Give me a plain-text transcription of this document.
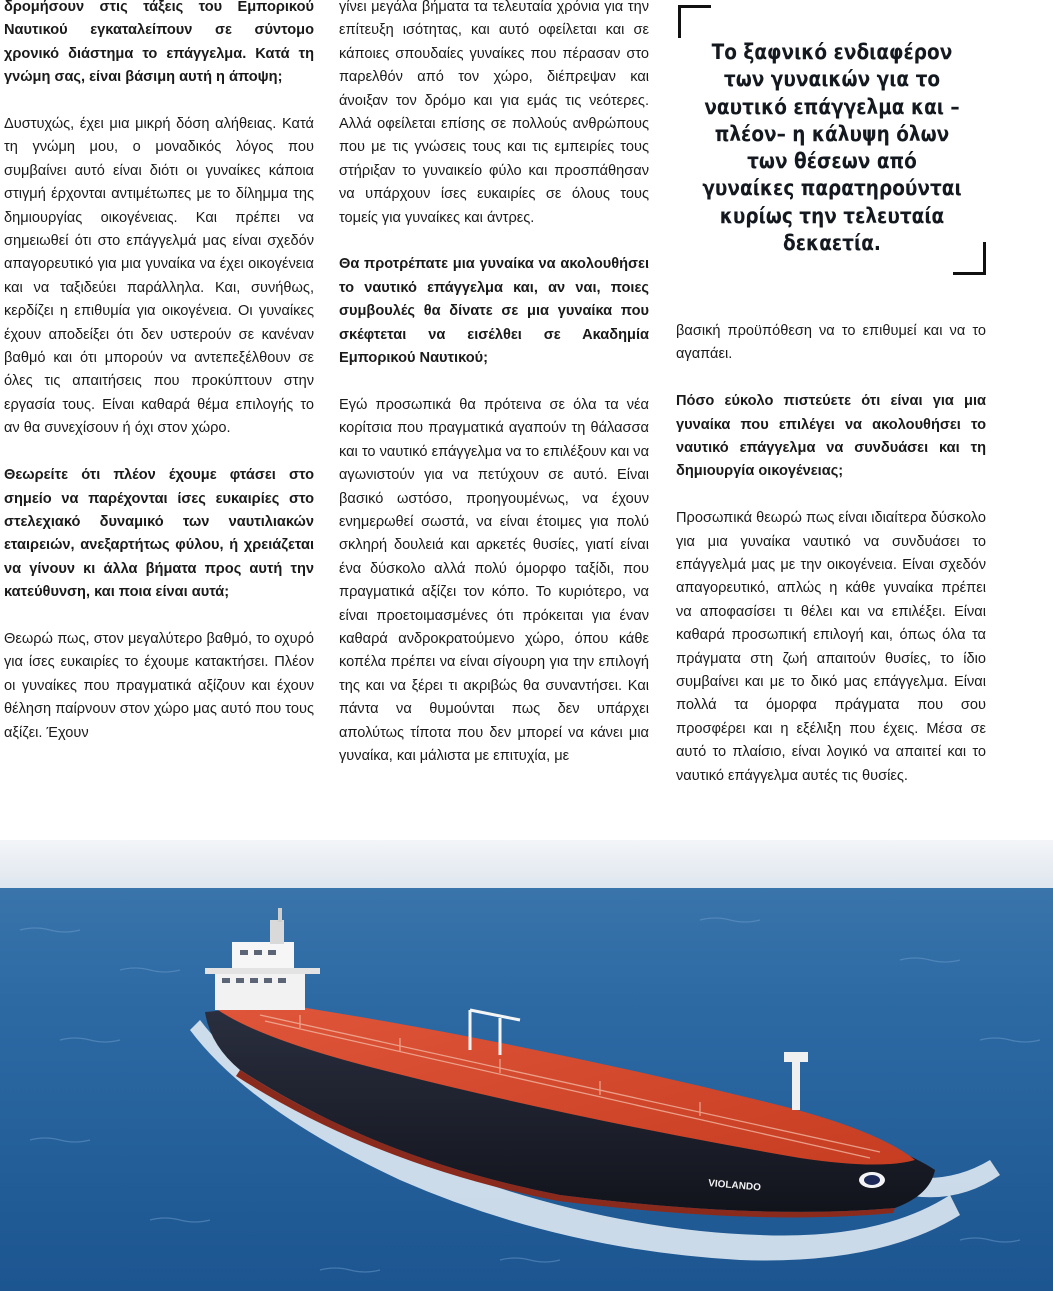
δρομήσουν στις τάξεις του Εμπορικού Ναυτικού εγκαταλείπουν σε σύντομο χρονικό διάστημα το επάγγελμα. Κατά τη γνώμη σας, είναι βάσιμη αυτή η άποψη;

Δυστυχώς, έχει μια μικρή δόση αλήθειας. Κατά τη γνώμη μου, ο μοναδικός λόγος που συμβαίνει αυτό είναι διότι οι γυναίκες κάποια στιγμή έρχονται αντιμέτωπες με το δίλημμα της δημιουργίας οικογένειας. Και πρέπει να σημειωθεί ότι στο επάγγελμά μας είναι σχεδόν απαγορευτικό για μια γυναίκα να έχει οικογένεια και να ταξιδεύει παράλληλα. Και, συνήθως, κερδίζει η επιθυμία για οικογένεια. Οι γυναίκες έχουν αποδείξει ότι δεν υστερούν σε κανέναν βαθμό και ότι μπορούν να αντεπεξέλθουν σε όλες τις απαιτήσεις που προκύπτουν στην εργασία τους. Είναι καθαρά θέμα επιλογής το αν θα συνεχίσουν ή όχι στον χώρο.

Θεωρείτε ότι πλέον έχουμε φτάσει στο σημείο να παρέχονται ίσες ευκαιρίες στο στελεχιακό δυναμικό των ναυτιλιακών εταιρειών, ανεξαρτήτως φύλου, ή χρειάζεται να γίνουν κι άλλα βήματα προς αυτή την κατεύθυνση, και ποια είναι αυτά;

Θεωρώ πως, στον μεγαλύτερο βαθμό, το οχυρό για ίσες ευκαιρίες το έχουμε κατακτήσει. Πλέον οι γυναίκες που πραγματικά αξίζουν και έχουν θέληση παίρνουν στον χώρο μας αυτό που τους αξίζει. Έχουν

γίνει μεγάλα βήματα τα τελευταία χρόνια για την επίτευξη ισότητας, και αυτό οφείλεται και σε κάποιες σπουδαίες γυναίκες που πέρασαν στο παρελθόν από τον χώρο, διέπρεψαν και άνοιξαν τον δρόμο και για εμάς τις νεότερες. Αλλά οφείλεται επίσης σε πολλούς ανθρώπους που με τις γνώσεις τους και τις εμπειρίες τους στήριξαν το γυναικείο φύλο και προσπάθησαν να υπάρχουν ίσες ευκαιρίες σε όλους τους τομείς για γυναίκες και άντρες.

Θα προτρέπατε μια γυναίκα να ακολουθήσει το ναυτικό επάγγελμα και, αν ναι, ποιες συμβουλές θα δίνατε σε μια γυναίκα που σκέφτεται να εισέλθει σε Ακαδημία Εμπορικού Ναυτικού;

Εγώ προσωπικά θα πρότεινα σε όλα τα νέα κορίτσια που πραγματικά αγαπούν τη θάλασσα και το ναυτικό επάγγελμα να το επιλέξουν και να αγωνιστούν για να πετύχουν σε αυτό. Είναι βασικό ωστόσο, προηγουμένως, να έχουν ενημερωθεί σωστά, να είναι έτοιμες για πολύ σκληρή δουλειά και αρκετές θυσίες, γιατί είναι ένα δύσκολο αλλά πολύ όμορφο ταξίδι, που πραγματικά αξίζει τον κόπο. Το κυριότερο, να είναι προετοιμασμένες ότι πρόκειται για έναν καθαρά ανδροκρατούμενο χώρο, όπου κάθε κοπέλα πρέπει να είναι σίγουρη για την επιλογή της και να ξέρει τι ακριβώς θα συναντήσει. Και πάντα να θυμούνται πως δεν υπάρχει απολύτως τίποτα που δεν μπορεί να κάνει μια γυναίκα, και μάλιστα με επιτυχία, με

Το ξαφνικό ενδιαφέρον των γυναικών για το ναυτικό επάγγελμα και –πλέον– η κάλυψη όλων των θέσεων από γυναίκες παρατηρούνται κυρίως την τελευταία δεκαετία.

βασική προϋπόθεση να το επιθυμεί και να το αγαπάει.

Πόσο εύκολο πιστεύετε ότι είναι για μια γυναίκα που επιλέγει να ακολουθήσει το ναυτικό επάγγελμα να συνδυάσει και τη δημιουργία οικογένειας;

Προσωπικά θεωρώ πως είναι ιδιαίτερα δύσκολο για μια γυναίκα ναυτικό να συνδυάσει το επάγγελμά μας με την οικογένεια. Είναι σχεδόν απαγορευτικό, απλώς η κάθε γυναίκα πρέπει να αποφασίσει τι θέλει και να επιλέξει. Είναι καθαρά προσωπική επιλογή και, όπως όλα τα πράγματα στη ζωή απαιτούν θυσίες, το ίδιο συμβαίνει και με το δικό μας επάγγελμα. Είναι πολλά τα όμορφα πράγματα που σου προσφέρει και η εξέλιξη που έχεις. Μέσα σε αυτό το πλαίσιο, είναι λογικό να απαιτεί και το ναυτικό επάγγελμα αυτές τις θυσίες.

VIOLANDO
